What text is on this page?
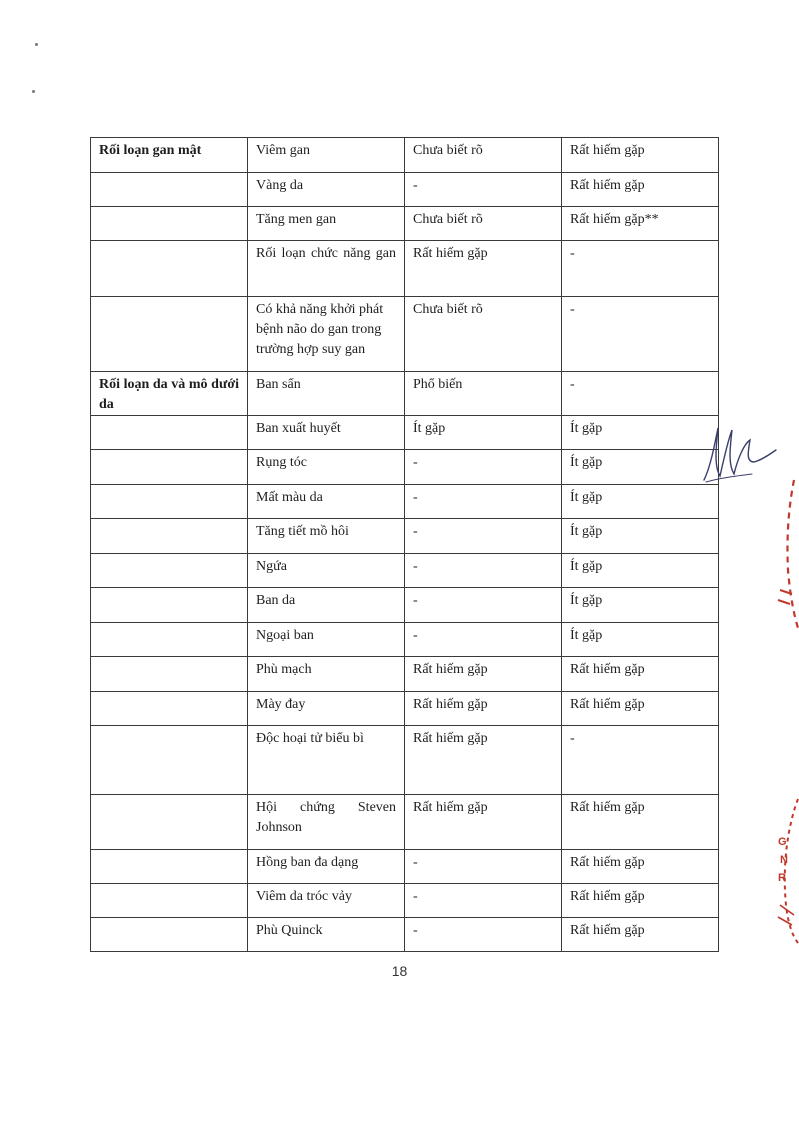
Rối loạn gan mật	Viêm gan	Chưa biết rõ	Rất hiếm gặp
	Vàng da	-	Rất hiếm gặp
	Tăng men gan	Chưa biết rõ	Rất hiếm gặp**
	Rối loạn chức năng gan	Rất hiếm gặp	-
	Có khả năng khởi phát bệnh não do gan trong trường hợp suy gan	Chưa biết rõ	-
Rối loạn da và mô dưới da	Ban sẩn	Phổ biến	-
	Ban xuất huyết	Ít gặp	Ít gặp
	Rụng tóc	-	Ít gặp
	Mất màu da	-	Ít gặp
	Tăng tiết mồ hôi	-	Ít gặp
	Ngứa	-	Ít gặp
	Ban da	-	Ít gặp
	Ngoại ban	-	Ít gặp
	Phù mạch	Rất hiếm gặp	Rất hiếm gặp
	Mày đay	Rất hiếm gặp	Rất hiếm gặp
	Độc hoại tử biểu bì	Rất hiếm gặp	-
	Hội chứng Steven Johnson	Rất hiếm gặp	Rất hiếm gặp
	Hồng ban đa dạng	-	Rất hiếm gặp
	Viêm da tróc vảy	-	Rất hiếm gặp
	Phù Quinck	-	Rất hiếm gặp
18
G
N
R
